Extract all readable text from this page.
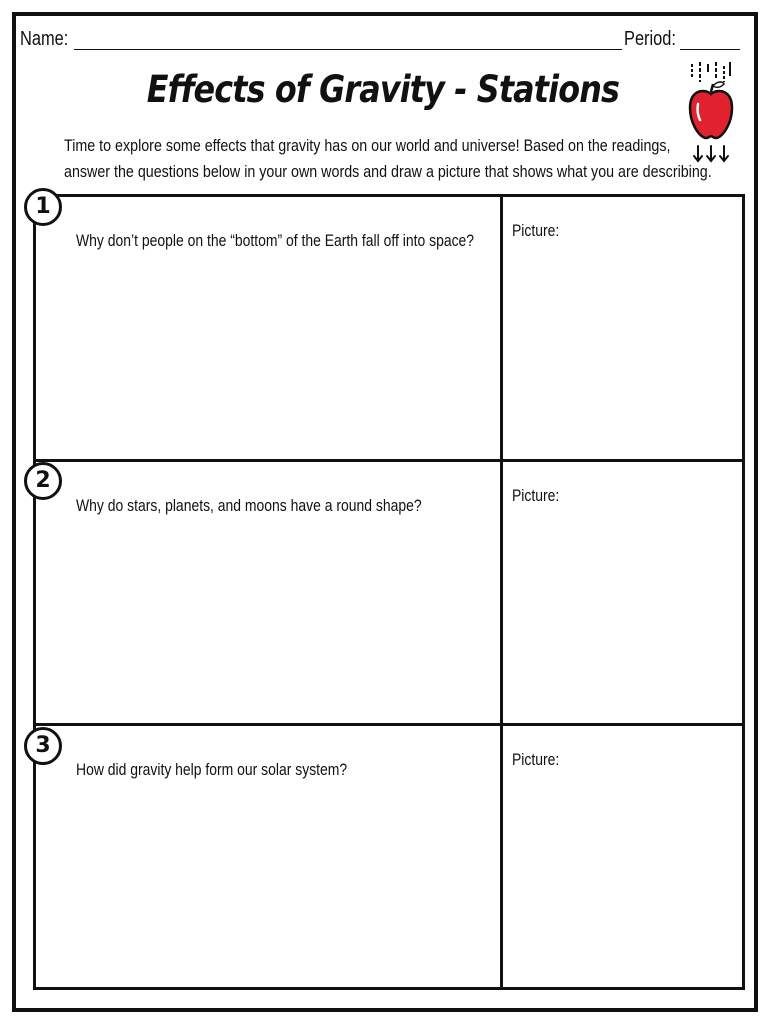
Name:	Period:
Effects of Gravity - Stations
Time to explore some effects that gravity has on our world and universe! Based on the readings,
answer the questions below in your own words and draw a picture that shows what you are describing.
Why don’t people on the “bottom” of the Earth fall off into space?
Picture:
Why do stars, planets, and moons have a round shape?
Picture:
How did gravity help form our solar system?
Picture:
1
2
3
